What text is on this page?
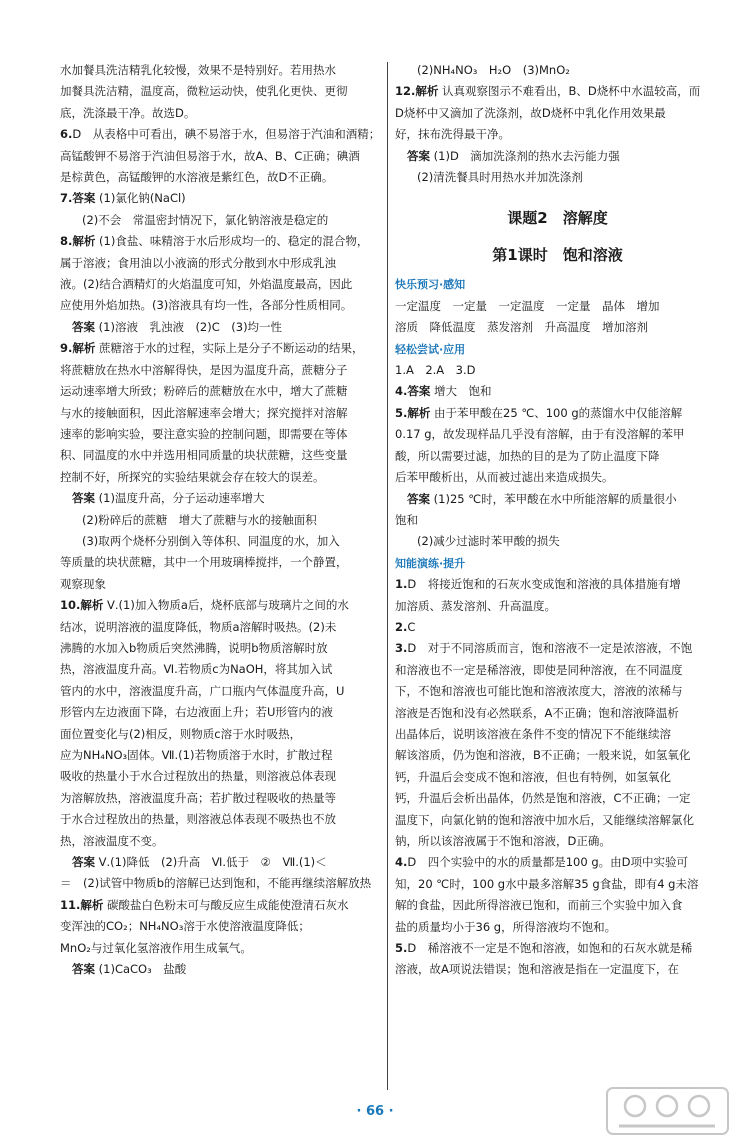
水加餐具洗洁精乳化较慢，效果不是特别好。若用热水

加餐具洗洁精，温度高，微粒运动快，使乳化更快、更彻

底，洗涤最干净。故选D。

6.D　从表格中可看出，碘不易溶于水，但易溶于汽油和酒精；

高锰酸钾不易溶于汽油但易溶于水，故A、B、C正确；碘酒

是棕黄色，高锰酸钾的水溶液是紫红色，故D不正确。

7.答案 (1)氯化钠(NaCl)

(2)不会　常温密封情况下，氯化钠溶液是稳定的

8.解析 (1)食盐、味精溶于水后形成均一的、稳定的混合物，

属于溶液；食用油以小液滴的形式分散到水中形成乳浊

液。(2)结合酒精灯的火焰温度可知，外焰温度最高，因此

应使用外焰加热。(3)溶液具有均一性，各部分性质相同。

答案 (1)溶液　乳浊液　(2)C　(3)均一性

9.解析 蔗糖溶于水的过程，实际上是分子不断运动的结果，

将蔗糖放在热水中溶解得快，是因为温度升高，蔗糖分子

运动速率增大所致；粉碎后的蔗糖放在水中，增大了蔗糖

与水的接触面积，因此溶解速率会增大；探究搅拌对溶解

速率的影响实验，要注意实验的控制问题，即需要在等体

积、同温度的水中并选用相同质量的块状蔗糖，这些变量

控制不好，所探究的实验结果就会存在较大的误差。

答案 (1)温度升高，分子运动速率增大

(2)粉碎后的蔗糖　增大了蔗糖与水的接触面积

(3)取两个烧杯分别倒入等体积、同温度的水，加入

等质量的块状蔗糖，其中一个用玻璃棒搅拌，一个静置，

观察现象

10.解析 Ⅴ.(1)加入物质a后，烧杯底部与玻璃片之间的水

结冰，说明溶液的温度降低，物质a溶解时吸热。(2)未

沸腾的水加入b物质后突然沸腾，说明b物质溶解时放

热，溶液温度升高。Ⅵ.若物质c为NaOH，将其加入试

管内的水中，溶液温度升高，广口瓶内气体温度升高，U

形管内左边液面下降，右边液面上升；若U形管内的液

面位置变化与(2)相反，则物质c溶于水时吸热，

应为NH₄NO₃固体。Ⅶ.(1)若物质溶于水时，扩散过程

吸收的热量小于水合过程放出的热量，则溶液总体表现

为溶解放热，溶液温度升高；若扩散过程吸收的热量等

于水合过程放出的热量，则溶液总体表现不吸热也不放

热，溶液温度不变。

答案 Ⅴ.(1)降低　(2)升高　Ⅵ.低于　②　Ⅶ.(1)＜

＝　(2)试管中物质b的溶解已达到饱和，不能再继续溶解放热

11.解析 碳酸盐白色粉末可与酸反应生成能使澄清石灰水

变浑浊的CO₂；NH₄NO₃溶于水使溶液温度降低；

MnO₂与过氧化氢溶液作用生成氧气。

答案 (1)CaCO₃　盐酸

(2)NH₄NO₃　H₂O　(3)MnO₂

12.解析 认真观察图示不难看出，B、D烧杯中水温较高，而

D烧杯中又滴加了洗涤剂，故D烧杯中乳化作用效果最

好，抹布洗得最干净。

答案 (1)D　滴加洗涤剂的热水去污能力强

(2)清洗餐具时用热水并加洗涤剂

课题2　溶解度
第1课时　饱和溶液
快乐预习·感知

一定温度　一定量　一定温度　一定量　晶体　增加

溶质　降低温度　蒸发溶剂　升高温度　增加溶剂

轻松尝试·应用

1.A　2.A　3.D

4.答案 增大　饱和

5.解析 由于苯甲酸在25 ℃、100 g的蒸馏水中仅能溶解

0.17 g，故发现样品几乎没有溶解，由于有没溶解的苯甲

酸，所以需要过滤，加热的目的是为了防止温度下降

后苯甲酸析出，从而被过滤出来造成损失。

答案 (1)25 ℃时，苯甲酸在水中所能溶解的质量很小

饱和

(2)减少过滤时苯甲酸的损失

知能演练·提升

1.D　将接近饱和的石灰水变成饱和溶液的具体措施有增

加溶质、蒸发溶剂、升高温度。

2.C

3.D　对于不同溶质而言，饱和溶液不一定是浓溶液，不饱

和溶液也不一定是稀溶液，即使是同种溶液，在不同温度

下，不饱和溶液也可能比饱和溶液浓度大，溶液的浓稀与

溶液是否饱和没有必然联系，A不正确；饱和溶液降温析

出晶体后，说明该溶液在条件不变的情况下不能继续溶

解该溶质，仍为饱和溶液，B不正确；一般来说，如氢氧化

钙，升温后会变成不饱和溶液，但也有特例，如氢氧化

钙，升温后会析出晶体，仍然是饱和溶液，C不正确；一定

温度下，向氯化钠的饱和溶液中加水后，又能继续溶解氯化

钠，所以该溶液属于不饱和溶液，D正确。

4.D　四个实验中的水的质量都是100 g。由D项中实验可

知，20 ℃时，100 g水中最多溶解35 g食盐，即有4 g未溶

解的食盐，因此所得溶液已饱和，而前三个实验中加入食

盐的质量均小于36 g，所得溶液均不饱和。

5.D　稀溶液不一定是不饱和溶液，如饱和的石灰水就是稀

溶液，故A项说法错误；饱和溶液是指在一定温度下，在

· 66 ·
